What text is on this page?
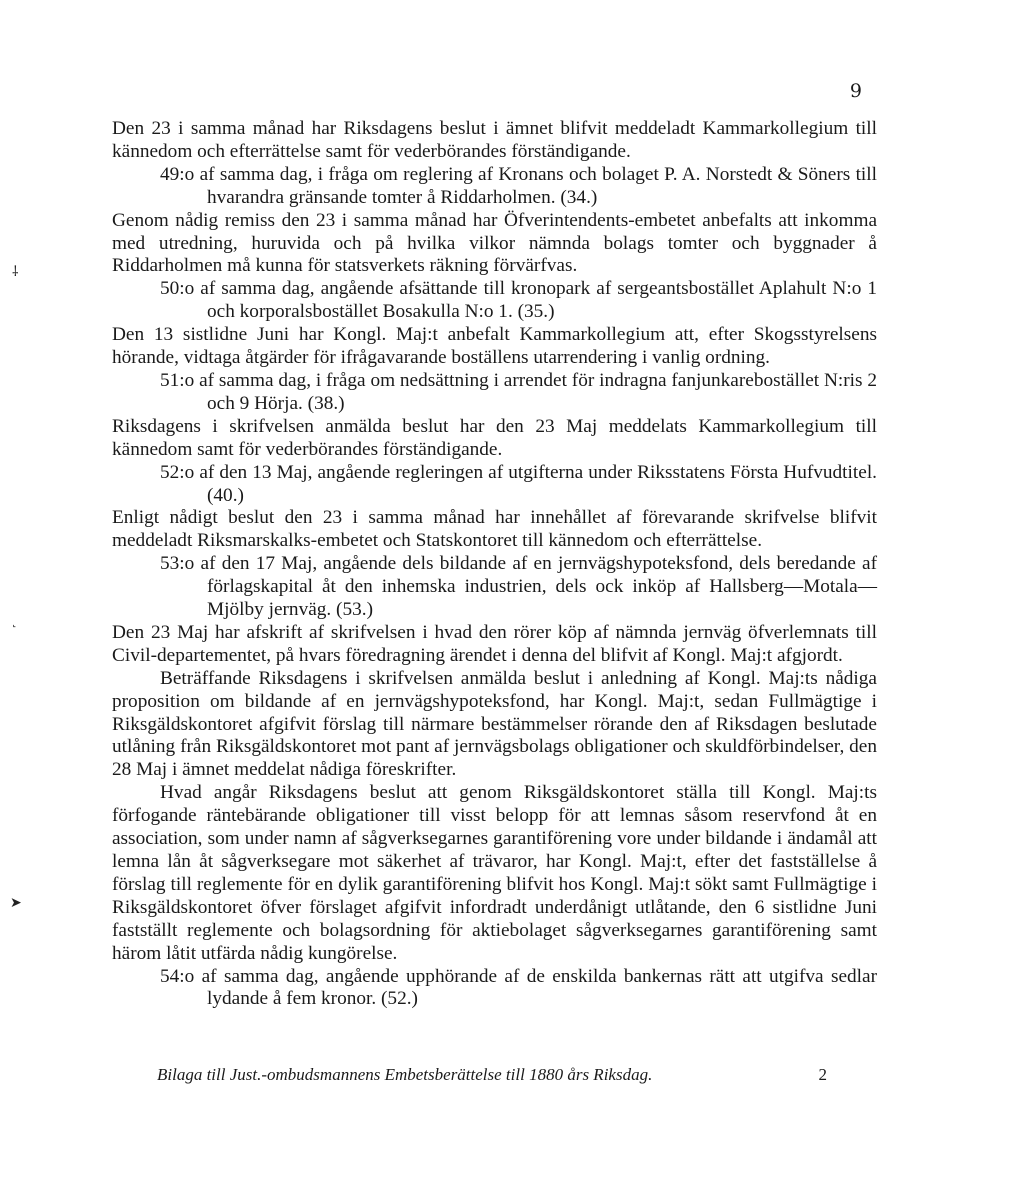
9
⸸
˻
➤

Den 23 i samma månad har Riksdagens beslut i ämnet blifvit meddeladt Kammarkollegium till kännedom och efterrättelse samt för vederbörandes förständigande.

49:o af samma dag, i fråga om reglering af Kronans och bolaget P. A. Norstedt & Söners till hvarandra gränsande tomter å Riddarholmen. (34.)

Genom nådig remiss den 23 i samma månad har Öfverintendents-embetet anbefalts att inkomma med utredning, huruvida och på hvilka vilkor nämnda bolags tomter och byggnader å Riddarholmen må kunna för statsverkets räkning förvärfvas.

50:o af samma dag, angående afsättande till kronopark af sergeantsbostället Aplahult N:o 1 och korporalsbostället Bosakulla N:o 1. (35.)

Den 13 sistlidne Juni har Kongl. Maj:t anbefalt Kammarkollegium att, efter Skogsstyrelsens hörande, vidtaga åtgärder för ifrågavarande boställens utarrendering i vanlig ordning.

51:o af samma dag, i fråga om nedsättning i arrendet för indragna fanjunkarebostället N:ris 2 och 9 Hörja. (38.)

Riksdagens i skrifvelsen anmälda beslut har den 23 Maj meddelats Kammarkollegium till kännedom samt för vederbörandes förständigande.

52:o af den 13 Maj, angående regleringen af utgifterna under Riksstatens Första Hufvudtitel. (40.)

Enligt nådigt beslut den 23 i samma månad har innehållet af förevarande skrifvelse blifvit meddeladt Riksmarskalks-embetet och Statskontoret till kännedom och efterrättelse.

53:o af den 17 Maj, angående dels bildande af en jernvägshypoteksfond, dels beredande af förlagskapital åt den inhemska industrien, dels ock inköp af Hallsberg—Motala—Mjölby jernväg. (53.)

Den 23 Maj har afskrift af skrifvelsen i hvad den rörer köp af nämnda jernväg öfverlemnats till Civil-departementet, på hvars föredragning ärendet i denna del blifvit af Kongl. Maj:t afgjordt.

Beträffande Riksdagens i skrifvelsen anmälda beslut i anledning af Kongl. Maj:ts nådiga proposition om bildande af en jernvägshypoteksfond, har Kongl. Maj:t, sedan Fullmägtige i Riksgäldskontoret afgifvit förslag till närmare bestämmelser rörande den af Riksdagen beslutade utlåning från Riksgäldskontoret mot pant af jernvägsbolags obligationer och skuldförbindelser, den 28 Maj i ämnet meddelat nådiga föreskrifter.

Hvad angår Riksdagens beslut att genom Riksgäldskontoret ställa till Kongl. Maj:ts förfogande räntebärande obligationer till visst belopp för att lemnas såsom reservfond åt en association, som under namn af sågverksegarnes garantiförening vore under bildande i ändamål att lemna lån åt sågverksegare mot säkerhet af trävaror, har Kongl. Maj:t, efter det fastställelse å förslag till reglemente för en dylik garantiförening blifvit hos Kongl. Maj:t sökt samt Fullmägtige i Riksgäldskontoret öfver förslaget afgifvit infordradt underdånigt utlåtande, den 6 sistlidne Juni fastställt reglemente och bolagsordning för aktiebolaget sågverksegarnes garantiförening samt härom låtit utfärda nådig kungörelse.

54:o af samma dag, angående upphörande af de enskilda bankernas rätt att utgifva sedlar lydande å fem kronor. (52.)

Bilaga till Just.-ombudsmannens Embetsberättelse till 1880 års Riksdag.	2
